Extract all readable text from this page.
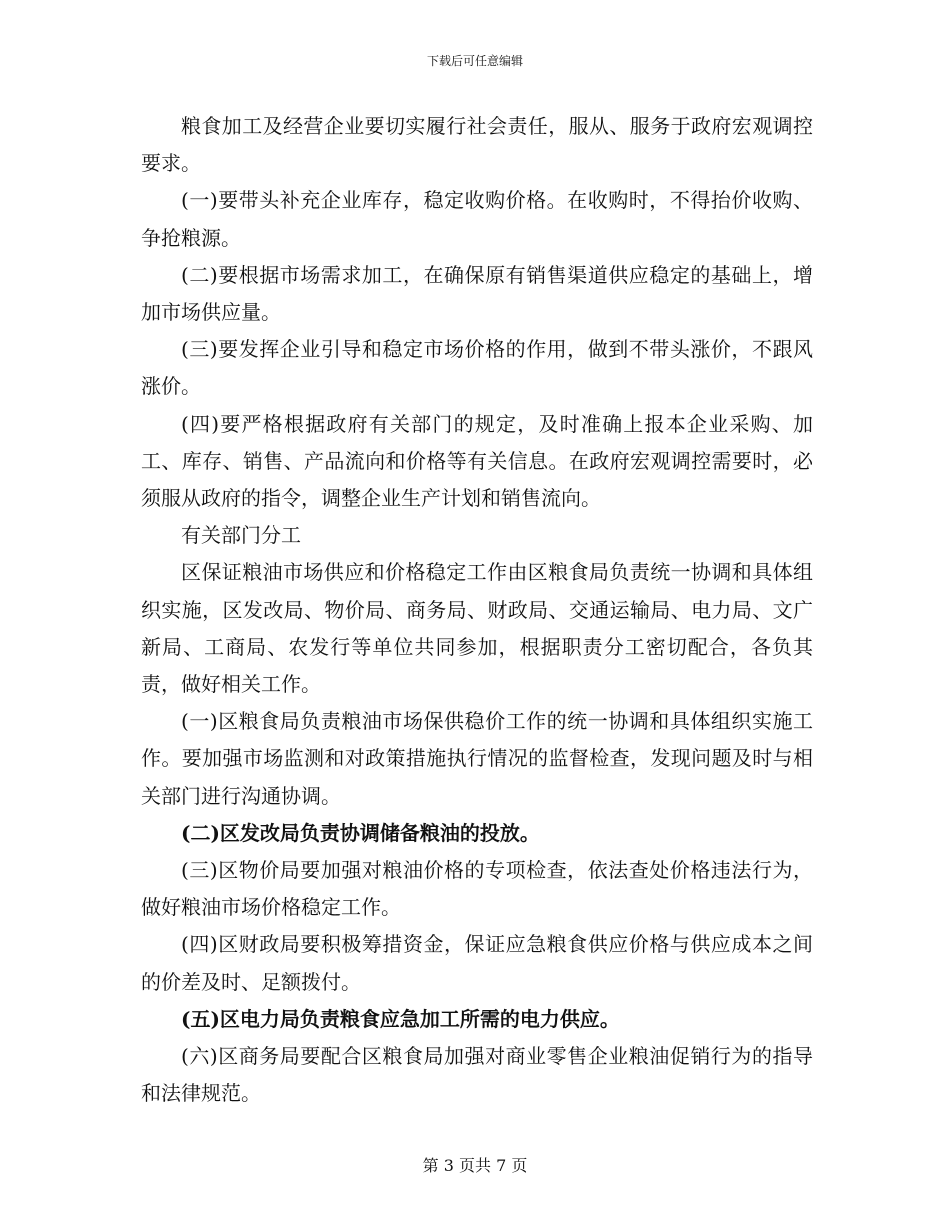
下载后可任意编辑

粮食加工及经营企业要切实履行社会责任，服从、服务于政府宏观调控要求。

(一)要带头补充企业库存，稳定收购价格。在收购时，不得抬价收购、争抢粮源。

(二)要根据市场需求加工，在确保原有销售渠道供应稳定的基础上，增加市场供应量。

(三)要发挥企业引导和稳定市场价格的作用，做到不带头涨价，不跟风涨价。

(四)要严格根据政府有关部门的规定，及时准确上报本企业采购、加工、库存、销售、产品流向和价格等有关信息。在政府宏观调控需要时，必须服从政府的指令，调整企业生产计划和销售流向。

有关部门分工

区保证粮油市场供应和价格稳定工作由区粮食局负责统一协调和具体组织实施，区发改局、物价局、商务局、财政局、交通运输局、电力局、文广新局、工商局、农发行等单位共同参加，根据职责分工密切配合，各负其责，做好相关工作。

(一)区粮食局负责粮油市场保供稳价工作的统一协调和具体组织实施工作。要加强市场监测和对政策措施执行情况的监督检查，发现问题及时与相关部门进行沟通协调。

(二)区发改局负责协调储备粮油的投放。

(三)区物价局要加强对粮油价格的专项检查，依法查处价格违法行为，做好粮油市场价格稳定工作。

(四)区财政局要积极筹措资金，保证应急粮食供应价格与供应成本之间的价差及时、足额拨付。

(五)区电力局负责粮食应急加工所需的电力供应。

(六)区商务局要配合区粮食局加强对商业零售企业粮油促销行为的指导和法律规范。

第 3 页共 7 页
